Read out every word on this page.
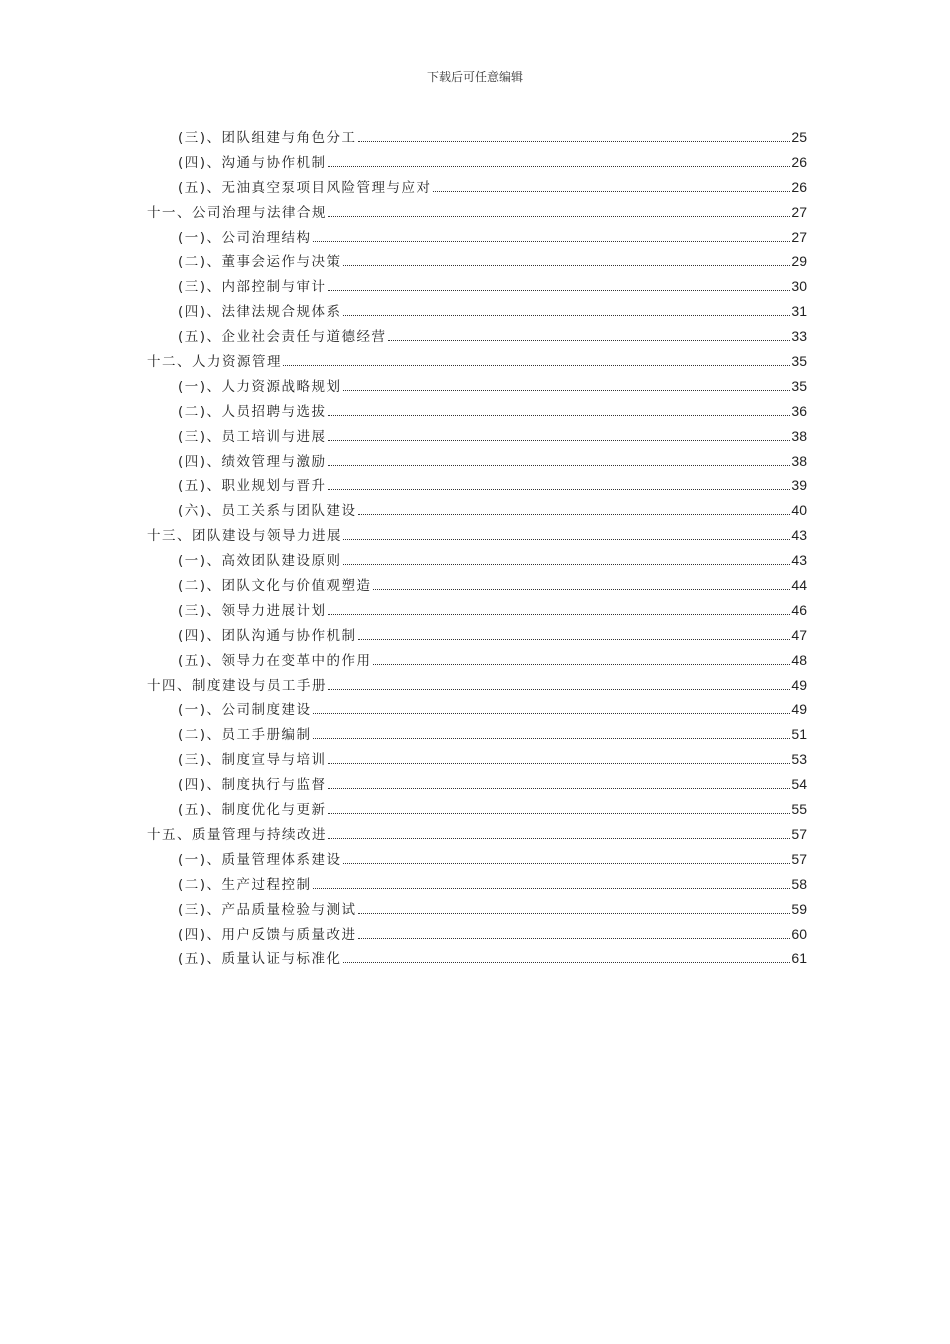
下载后可任意编辑
(三)、团队组建与角色分工	25
(四)、沟通与协作机制	26
(五)、无油真空泵项目风险管理与应对	26
十一、公司治理与法律合规	27
(一)、公司治理结构	27
(二)、董事会运作与决策	29
(三)、内部控制与审计	30
(四)、法律法规合规体系	31
(五)、企业社会责任与道德经营	33
十二、人力资源管理	35
(一)、人力资源战略规划	35
(二)、人员招聘与选拔	36
(三)、员工培训与进展	38
(四)、绩效管理与激励	38
(五)、职业规划与晋升	39
(六)、员工关系与团队建设	40
十三、团队建设与领导力进展	43
(一)、高效团队建设原则	43
(二)、团队文化与价值观塑造	44
(三)、领导力进展计划	46
(四)、团队沟通与协作机制	47
(五)、领导力在变革中的作用	48
十四、制度建设与员工手册	49
(一)、公司制度建设	49
(二)、员工手册编制	51
(三)、制度宣导与培训	53
(四)、制度执行与监督	54
(五)、制度优化与更新	55
十五、质量管理与持续改进	57
(一)、质量管理体系建设	57
(二)、生产过程控制	58
(三)、产品质量检验与测试	59
(四)、用户反馈与质量改进	60
(五)、质量认证与标准化	61
